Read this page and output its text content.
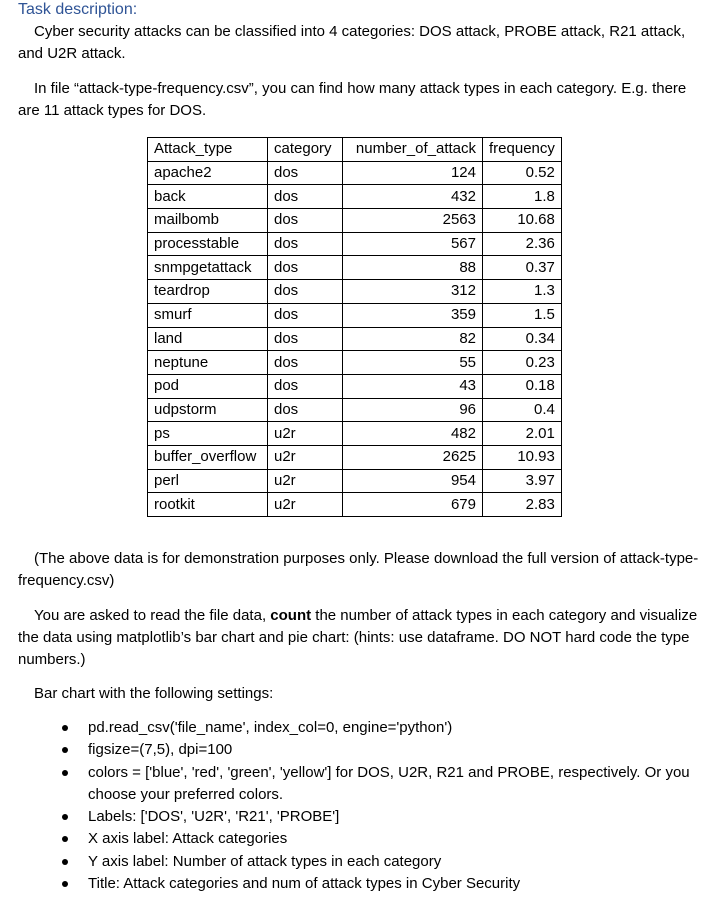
Task description:
Cyber security attacks can be classified into 4 categories: DOS attack, PROBE attack, R21 attack, and U2R attack.
In file “attack-type-frequency.csv”, you can find how many attack types in each category. E.g. there are 11 attack types for DOS.
Attack_type	category	number_of_attack	frequency
apache2	dos	124	0.52
back	dos	432	1.8
mailbomb	dos	2563	10.68
processtable	dos	567	2.36
snmpgetattack	dos	88	0.37
teardrop	dos	312	1.3
smurf	dos	359	1.5
land	dos	82	0.34
neptune	dos	55	0.23
pod	dos	43	0.18
udpstorm	dos	96	0.4
ps	u2r	482	2.01
buffer_overflow	u2r	2625	10.93
perl	u2r	954	3.97
rootkit	u2r	679	2.83
(The above data is for demonstration purposes only. Please download the full version of attack-type-frequency.csv)
You are asked to read the file data, count the number of attack types in each category and visualize the data using matplotlib’s bar chart and pie chart: (hints: use dataframe. DO NOT hard code the type numbers.)
Bar chart with the following settings:
pd.read_csv('file_name', index_col=0, engine='python')
figsize=(7,5), dpi=100
colors = ['blue', 'red', 'green', 'yellow'] for DOS, U2R, R21 and PROBE, respectively. Or you choose your preferred colors.
Labels: ['DOS', 'U2R', 'R21', 'PROBE']
X axis label: Attack categories
Y axis label: Number of attack types in each category
Title: Attack categories and num of attack types in Cyber Security
